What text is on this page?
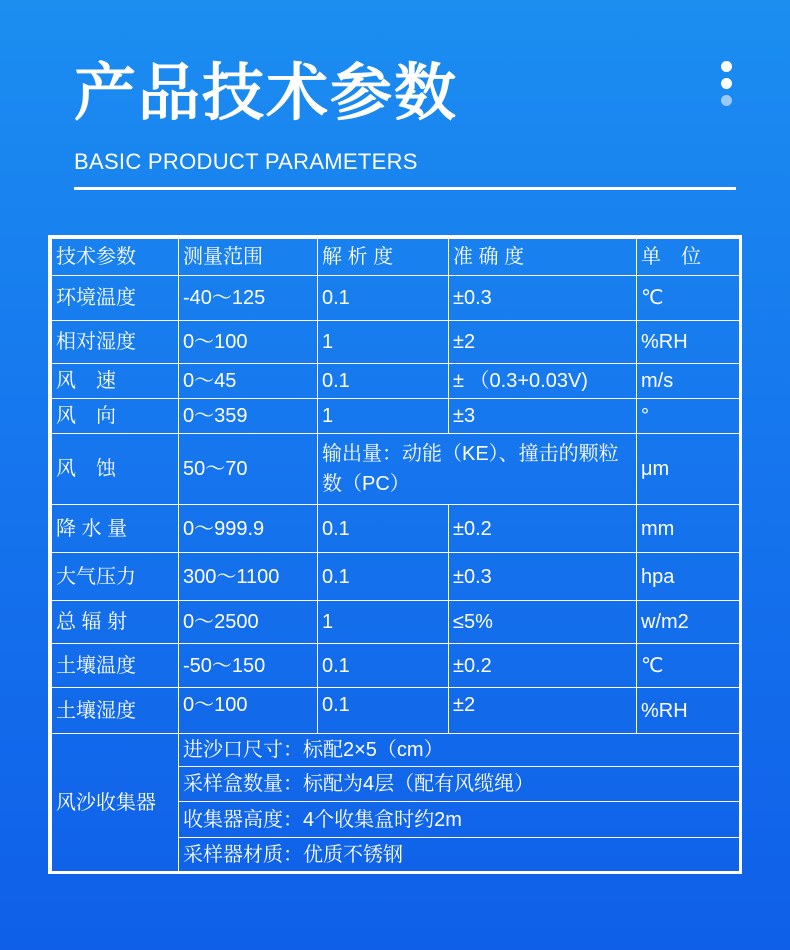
产品技术参数
BASIC PRODUCT PARAMETERS
技术参数	测量范围	解 析 度	准 确 度	单　位
环境温度	-40～125	0.1	±0.3	℃
相对湿度	0～100	1	±2	%RH
风　速	0～45	0.1	± （0.3+0.03V)	m/s
风　向	0～359	1	±3	°
风　蚀	50～70	输出量：动能（KE）、撞击的颗粒数（PC）		μm
降 水 量	0～999.9	0.1	±0.2	mm
大气压力	300～1100	0.1	±0.3	hpa
总 辐 射	0～2500	1	≤5%	w/m2
土壤温度	-50～150	0.1	±0.2	℃
土壤湿度	0～100	0.1	±2	%RH
风沙收集器	进沙口尺寸：标配2×5（cm）			
	采样盒数量：标配为4层（配有风缆绳）			
	收集器高度：4个收集盒时约2m			
	采样器材质：优质不锈钢			
